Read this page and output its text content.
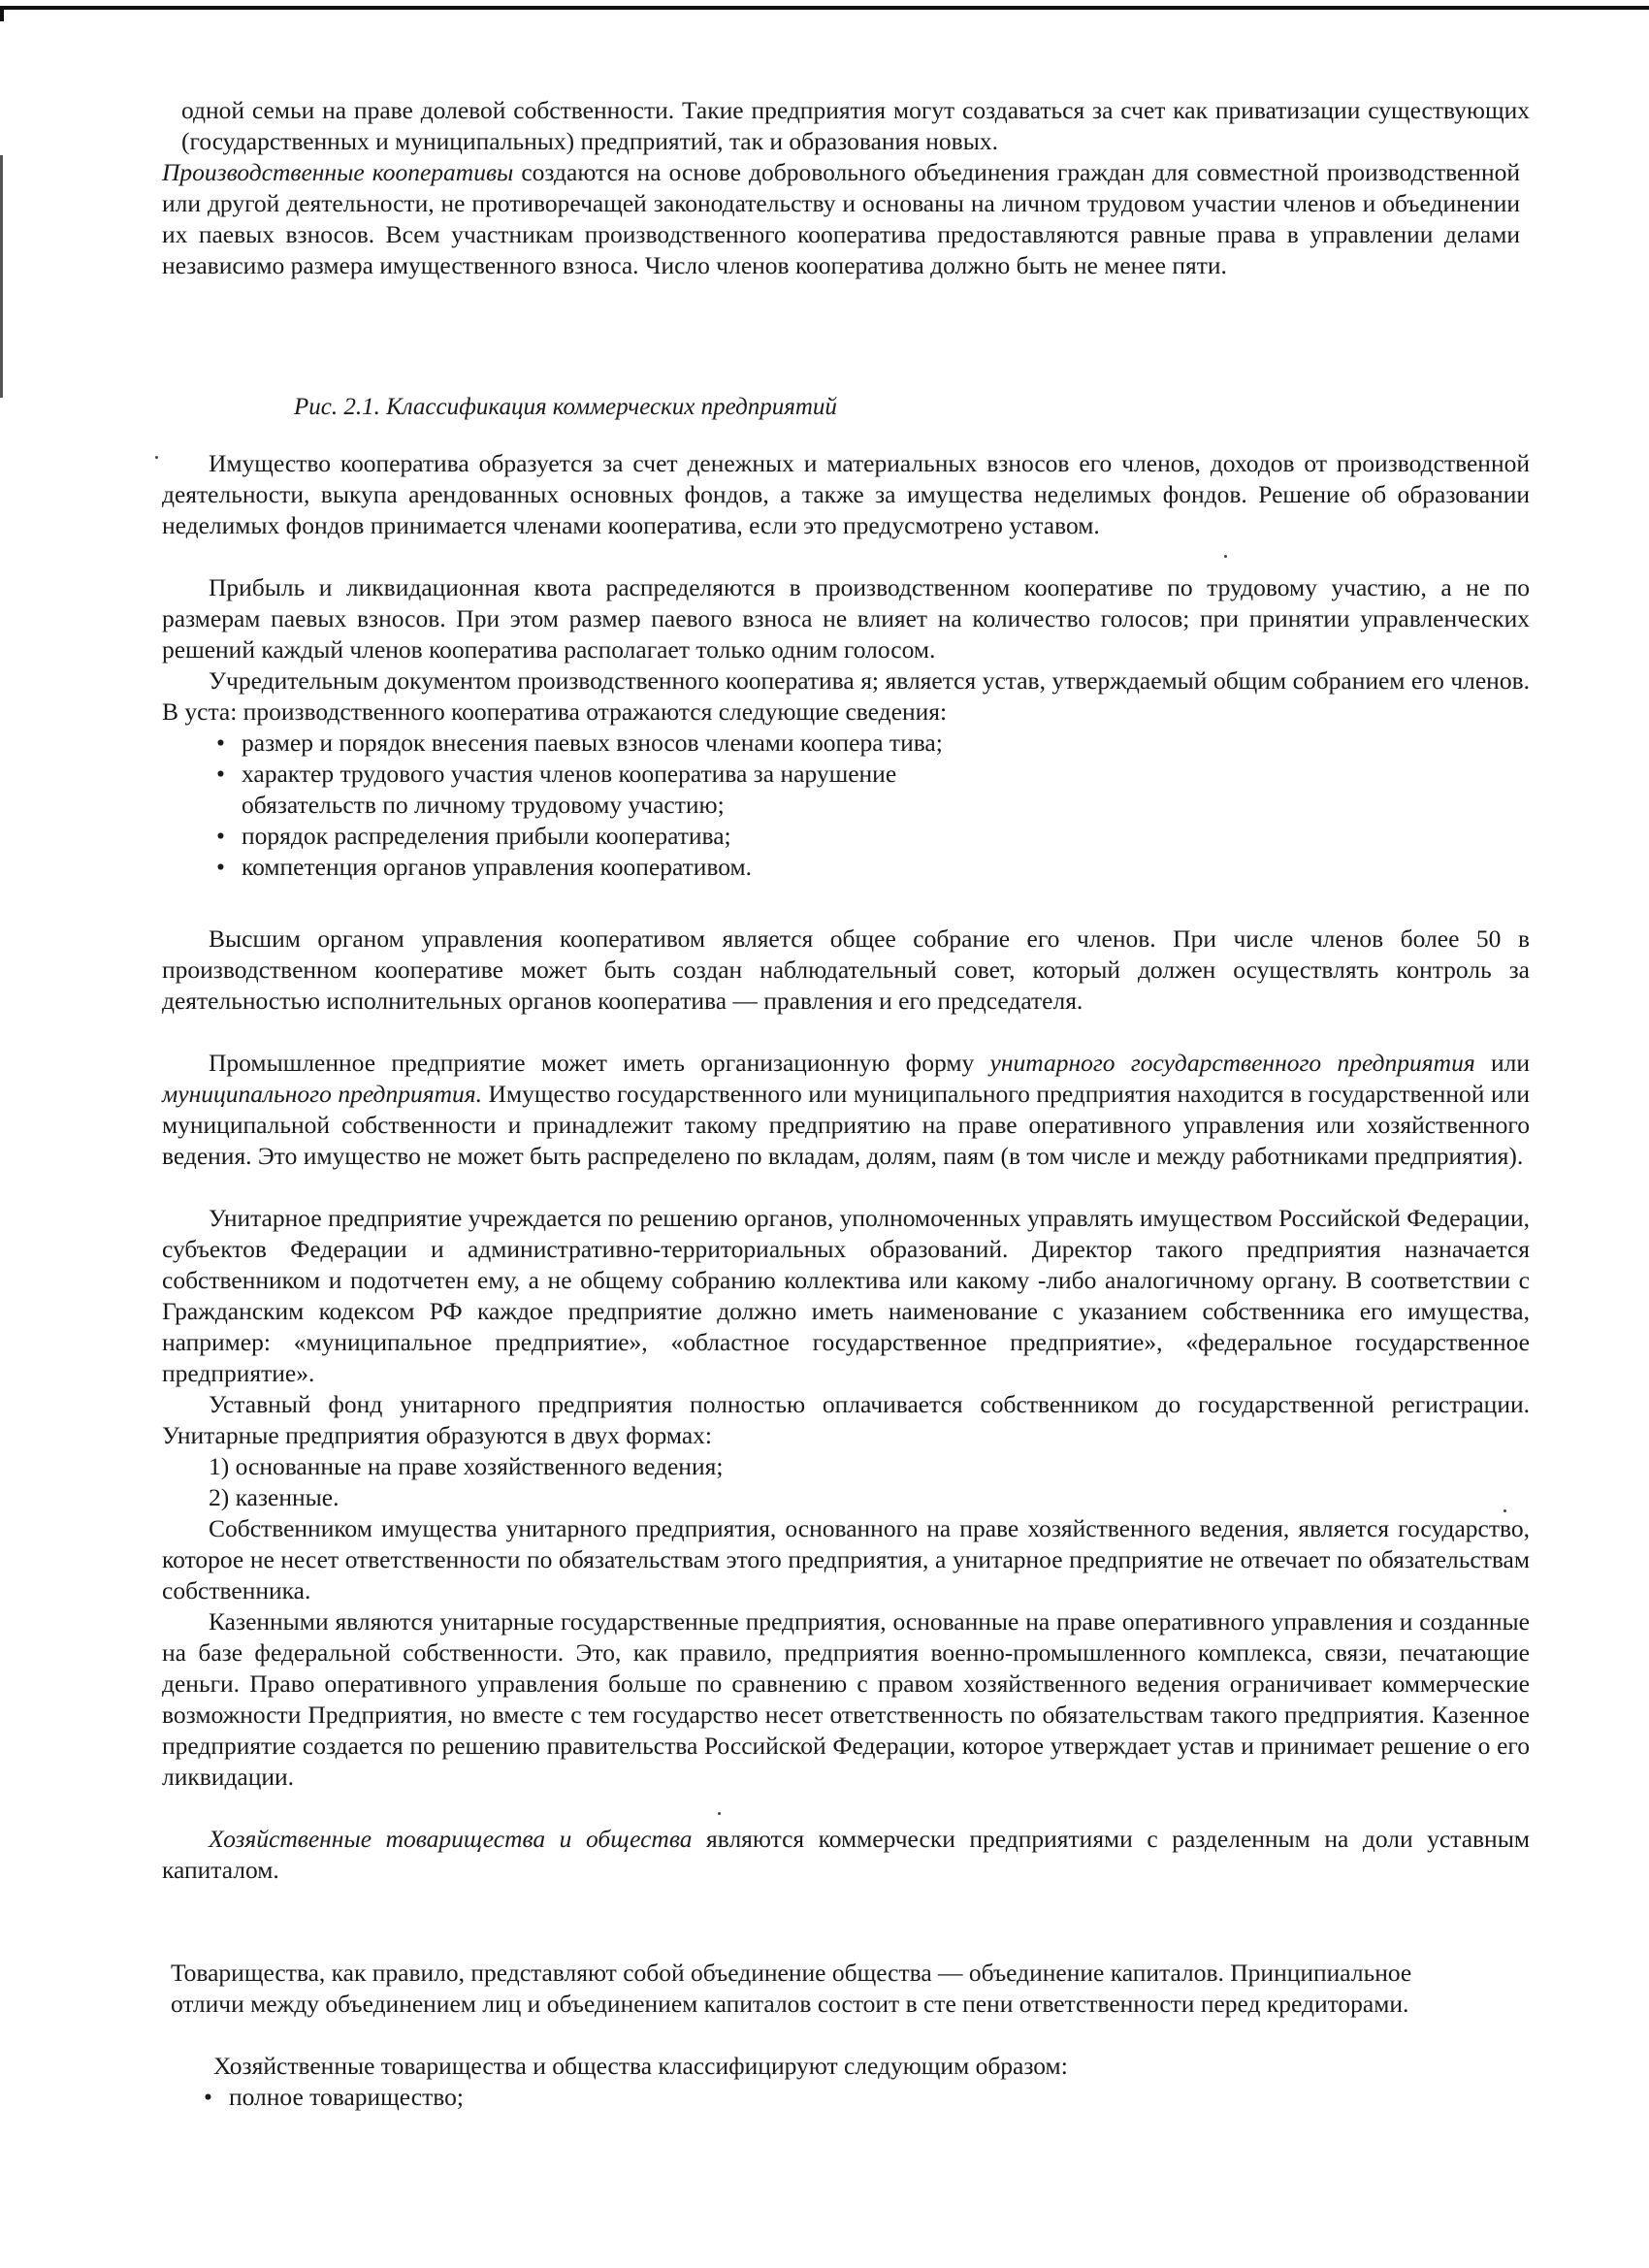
одной семьи на праве долевой собственности. Такие предприятия могут создаваться за счет как приватизации существующих (государственных и муниципальных) предприятий, так и образования новых.

Производственные кооперативы создаются на основе добровольного объединения граждан для совместной производственной или другой деятельности, не противоречащей законодательству и основаны на личном трудовом участии членов и объединении их паевых взносов. Всем участникам производственного кооператива предоставляются равные права в управлении делами независимо размера имущественного взноса. Число членов кооператива должно быть не менее пяти.

Рис. 2.1. Классификация коммерческих предприятий

Имущество кооператива образуется за счет денежных и материальных взносов его членов, доходов от производственной деятельности, выкупа арендованных основных фондов, а также за имущества неделимых фондов. Решение об образовании неделимых фондов принимается членами кооператива, если это предусмотрено уставом.

Прибыль и ликвидационная квота распределяются в производственном кооперативе по трудовому участию, а не по размерам паевых взносов. При этом размер паевого взноса не влияет на количество голосов; при принятии управленческих решений каждый членов кооператива располагает только одним голосом.

Учредительным документом производственного кооператива я; является устав, утверждаемый общим собранием его членов. В уста: производственного кооператива отражаются следующие сведения:

• размер и порядок внесения паевых взносов членами коопера тива;
• характер трудового участия членов кооператива за нарушение обязательств по личному трудовому участию;
• порядок распределения прибыли кооператива;
• компетенция органов управления кооперативом.

Высшим органом управления кооперативом является общее собрание его членов. При числе членов более 50 в производственном кооперативе может быть создан наблюдательный совет, который должен осуществлять контроль за деятельностью исполнительных органов кооператива — правления и его председателя.

Промышленное предприятие может иметь организационную форму унитарного государственного предприятия или муниципального предприятия. Имущество государственного или муниципального предприятия находится в государственной или муниципальной собственности и принадлежит такому предприятию на праве оперативного управления или хозяйственного ведения. Это имущество не может быть распределено по вкладам, долям, паям (в том числе и между работниками предприятия).

Унитарное предприятие учреждается по решению органов, уполномоченных управлять имуществом Российской Федерации, субъектов Федерации и административно-территориальных образований. Директор такого предприятия назначается собственником и подотчетен ему, а не общему собранию коллектива или какому -либо аналогичному органу. В соответствии с Гражданским кодексом РФ каждое предприятие должно иметь наименование с указанием собственника его имущества, например: «муниципальное предприятие», «областное государственное предприятие», «федеральное государственное предприятие».

Уставный фонд унитарного предприятия полностью оплачивается собственником до государственной регистрации. Унитарные предприятия образуются в двух формах:

1) основанные на праве хозяйственного ведения;

2) казенные.

Собственником имущества унитарного предприятия, основанного на праве хозяйственного ведения, является государство, которое не несет ответственности по обязательствам этого предприятия, а унитарное предприятие не отвечает по обязательствам собственника.

Казенными являются унитарные государственные предприятия, основанные на праве оперативного управления и созданные на базе федеральной собственности. Это, как правило, предприятия военно-промышленного комплекса, связи, печатающие деньги. Право оперативного управления больше по сравнению с правом хозяйственного ведения ограничивает коммерческие возможности Предприятия, но вместе с тем государство несет ответственность по обязательствам такого предприятия. Казенное предприятие создается по решению правительства Российской Федерации, которое утверждает устав и принимает решение о его ликвидации.

Хозяйственные товарищества и общества являются коммерчески предприятиями с разделенным на доли уставным капиталом.

Товарищества, как правило, представляют собой объединение общества — объединение капиталов. Принципиальное отличи между объединением лиц и объединением капиталов состоит в сте пени ответственности перед кредиторами.

Хозяйственные товарищества и общества классифицируют следующим образом:

• полное товарищество;
